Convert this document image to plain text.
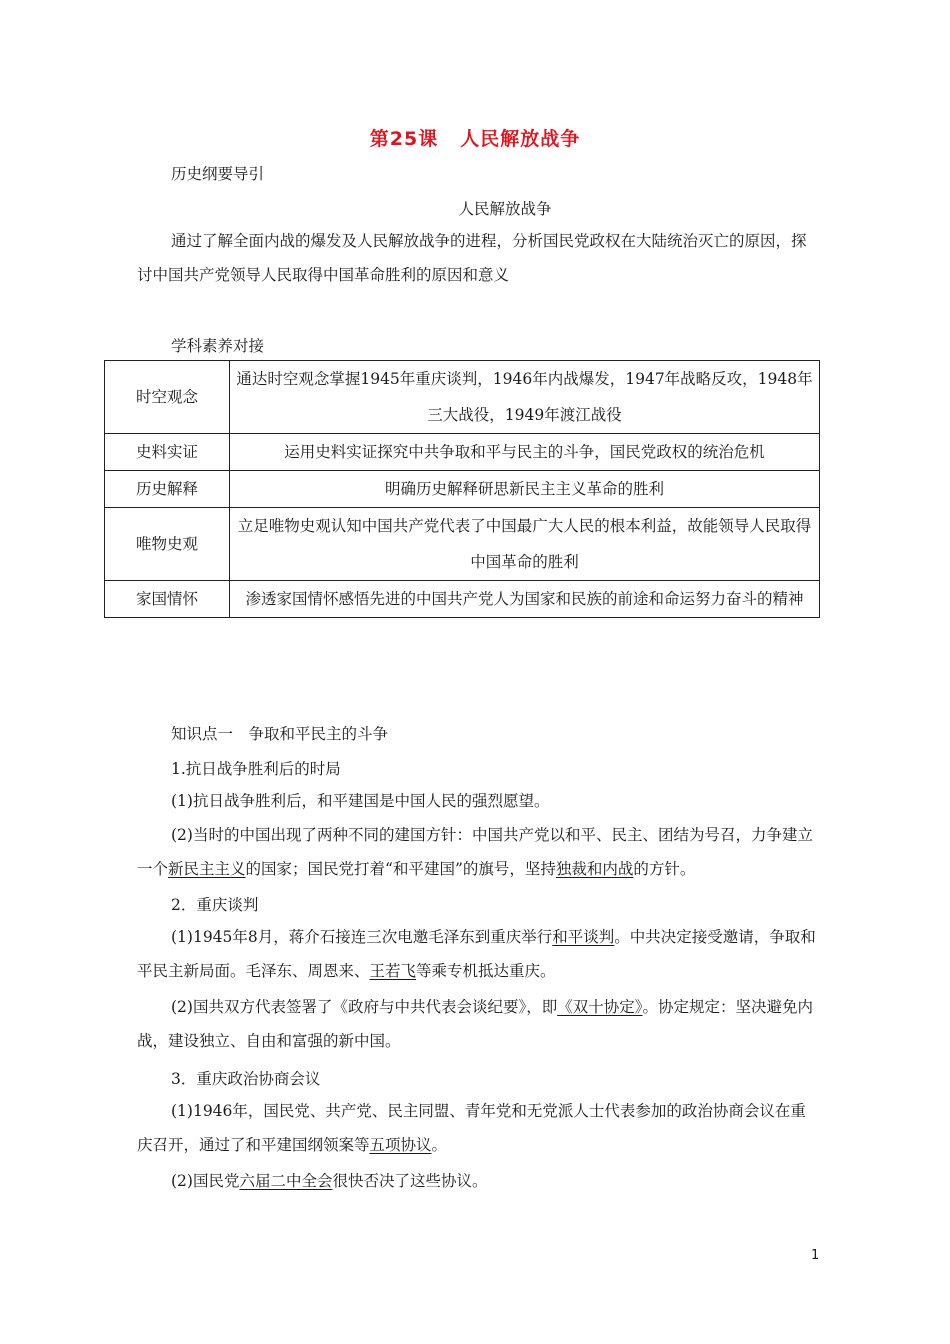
第25课 人民解放战争
历史纲要导引
人民解放战争
通过了解全面内战的爆发及人民解放战争的进程，分析国民党政权在大陆统治灭亡的原因，探讨中国共产党领导人民取得中国革命胜利的原因和意义
学科素养对接
时空观念	通达时空观念掌握1945年重庆谈判，1946年内战爆发，1947年战略反攻，1948年三大战役，1949年渡江战役
史料实证	运用史料实证探究中共争取和平与民主的斗争，国民党政权的统治危机
历史解释	明确历史解释研思新民主主义革命的胜利
唯物史观	立足唯物史观认知中国共产党代表了中国最广大人民的根本利益，故能领导人民取得中国革命的胜利
家国情怀	渗透家国情怀感悟先进的中国共产党人为国家和民族的前途和命运努力奋斗的精神
知识点一　争取和平民主的斗争
1.抗日战争胜利后的时局
(1)抗日战争胜利后，和平建国是中国人民的强烈愿望。
(2)当时的中国出现了两种不同的建国方针：中国共产党以和平、民主、团结为号召，力争建立一个新民主主义的国家；国民党打着“和平建国”的旗号，坚持独裁和内战的方针。
2．重庆谈判
(1)1945年8月，蒋介石接连三次电邀毛泽东到重庆举行和平谈判。中共决定接受邀请，争取和平民主新局面。毛泽东、周恩来、王若飞等乘专机抵达重庆。
(2)国共双方代表签署了《政府与中共代表会谈纪要》，即《双十协定》。协定规定：坚决避免内战，建设独立、自由和富强的新中国。
3．重庆政治协商会议
(1)1946年，国民党、共产党、民主同盟、青年党和无党派人士代表参加的政治协商会议在重庆召开，通过了和平建国纲领案等五项协议。
(2)国民党六届二中全会很快否决了这些协议。
1
